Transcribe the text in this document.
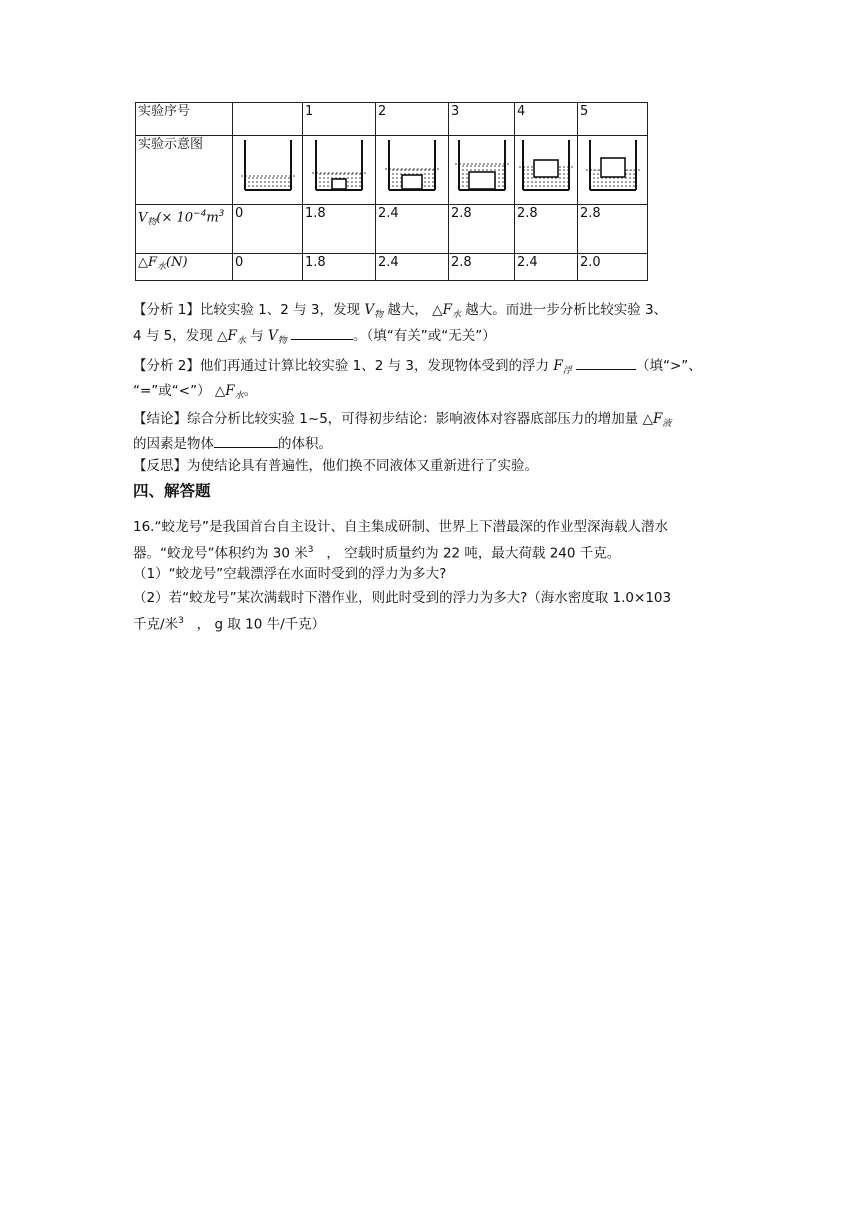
实验序号		1	2	3	4	5
实验示意图	

$V_物(\times 10^{-4}m^3$	0	1.8	2.4	2.8	2.8	2.8
$\triangle F_水(N)$	0	1.8	2.4	2.8	2.4	2.0
【分析 1】比较实验 1、2 与 3，发现 $V_物$ 越大， $\triangle F_水$ 越大。而进一步分析比较实验 3、
4 与 5，发现 $\triangle F_水$ 与 $V_物$	。（填“有关”或“无关”）
【分析 2】他们再通过计算比较实验 1、2 与 3，发现物体受到的浮力 $F_浮$	（填“>”、
“=”或“<”） $\triangle F_水$。
【结论】综合分析比较实验 1~5，可得初步结论：影响液体对容器底部压力的增加量 $\triangle F_液$
的因素是物体	的体积。
【反思】为使结论具有普遍性，他们换不同液体又重新进行了实验。
四、解答题
16.“蛟龙号”是我国首台自主设计、自主集成研制、世界上下潜最深的作业型深海载人潜水
器。“蛟龙号”体积约为 30 米$^3$ ， 空载时质量约为 22 吨，最大荷载 240 千克。
（1）“蛟龙号”空载漂浮在水面时受到的浮力为多大?
（2）若“蛟龙号”某次满载时下潜作业，则此时受到的浮力为多大?（海水密度取 1.0×103
千克/米$^3$ ， g 取 10 牛/千克）
